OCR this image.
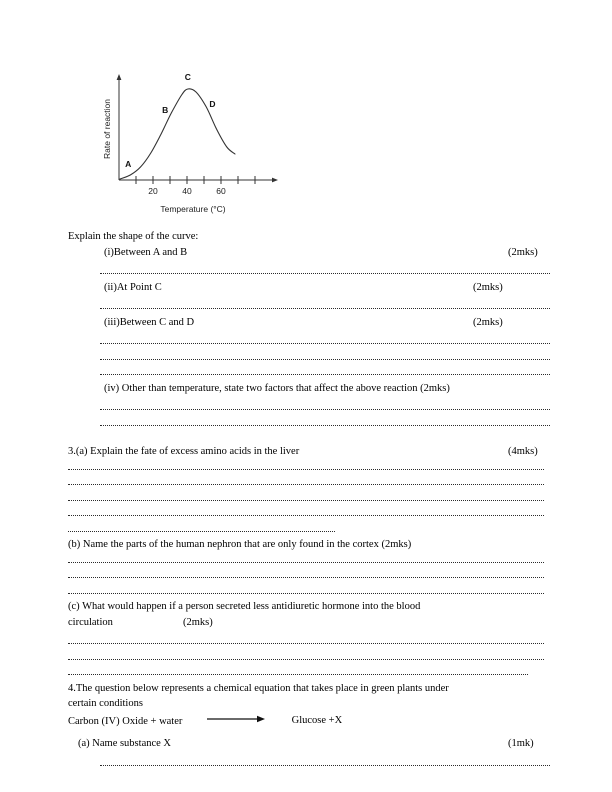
20	40	60
A
B
C
D
Rate of reaction
Temperature (°C)
Explain the shape of the curve:
(i)Between A and B	(2mks)
(ii)At Point C	(2mks)
(iii)Between C and D	(2mks)
(iv) Other than temperature, state two factors that affect the above reaction (2mks)
3.(a) Explain the fate of excess amino acids in the liver	(4mks)
(b) Name the parts of the human nephron that are only found in the cortex (2mks)
(c) What would happen if a person secreted less antidiuretic hormone into the blood
circulation	(2mks)
4.The question below represents a chemical equation that takes place in green plants under
certain conditions
Carbon (IV) Oxide + water	Glucose +X
(a) Name substance X	(1mk)
